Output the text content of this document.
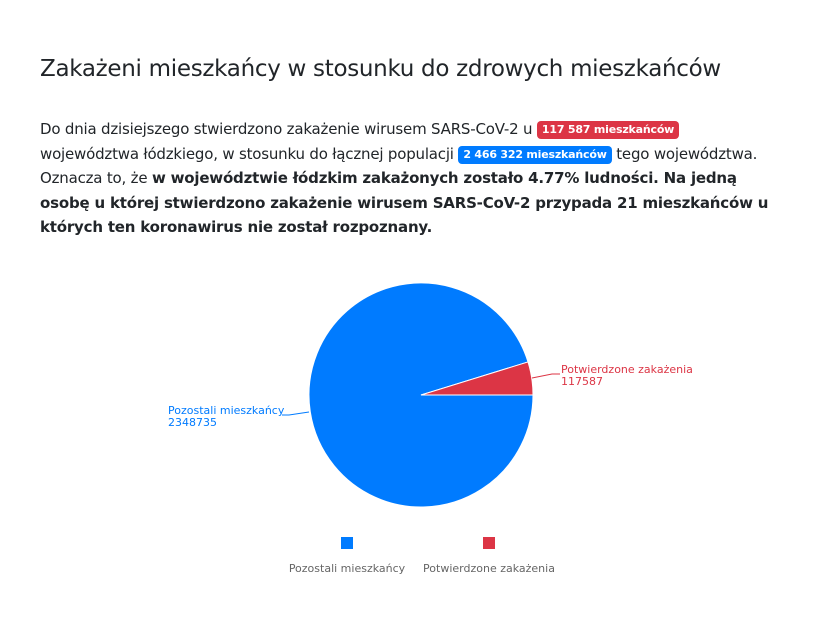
Zakażeni mieszkańcy w stosunku do zdrowych mieszkańców

Do dnia dzisiejszego stwierdzono zakażenie wirusem SARS-CoV-2 u 117 587 mieszkańców województwa łódzkiego, w stosunku do łącznej populacji 2 466 322 mieszkańców tego województwa. Oznacza to, że w województwie łódzkim zakażonych zostało 4.77% ludności. Na jedną osobę u której stwierdzono zakażenie wirusem SARS-CoV-2 przypada 21 mieszkańców u których ten koronawirus nie został rozpoznany.

Potwierdzone zakażenia
117587
Pozostali mieszkańcy
2348735
Pozostali mieszkańcy	Potwierdzone zakażenia
